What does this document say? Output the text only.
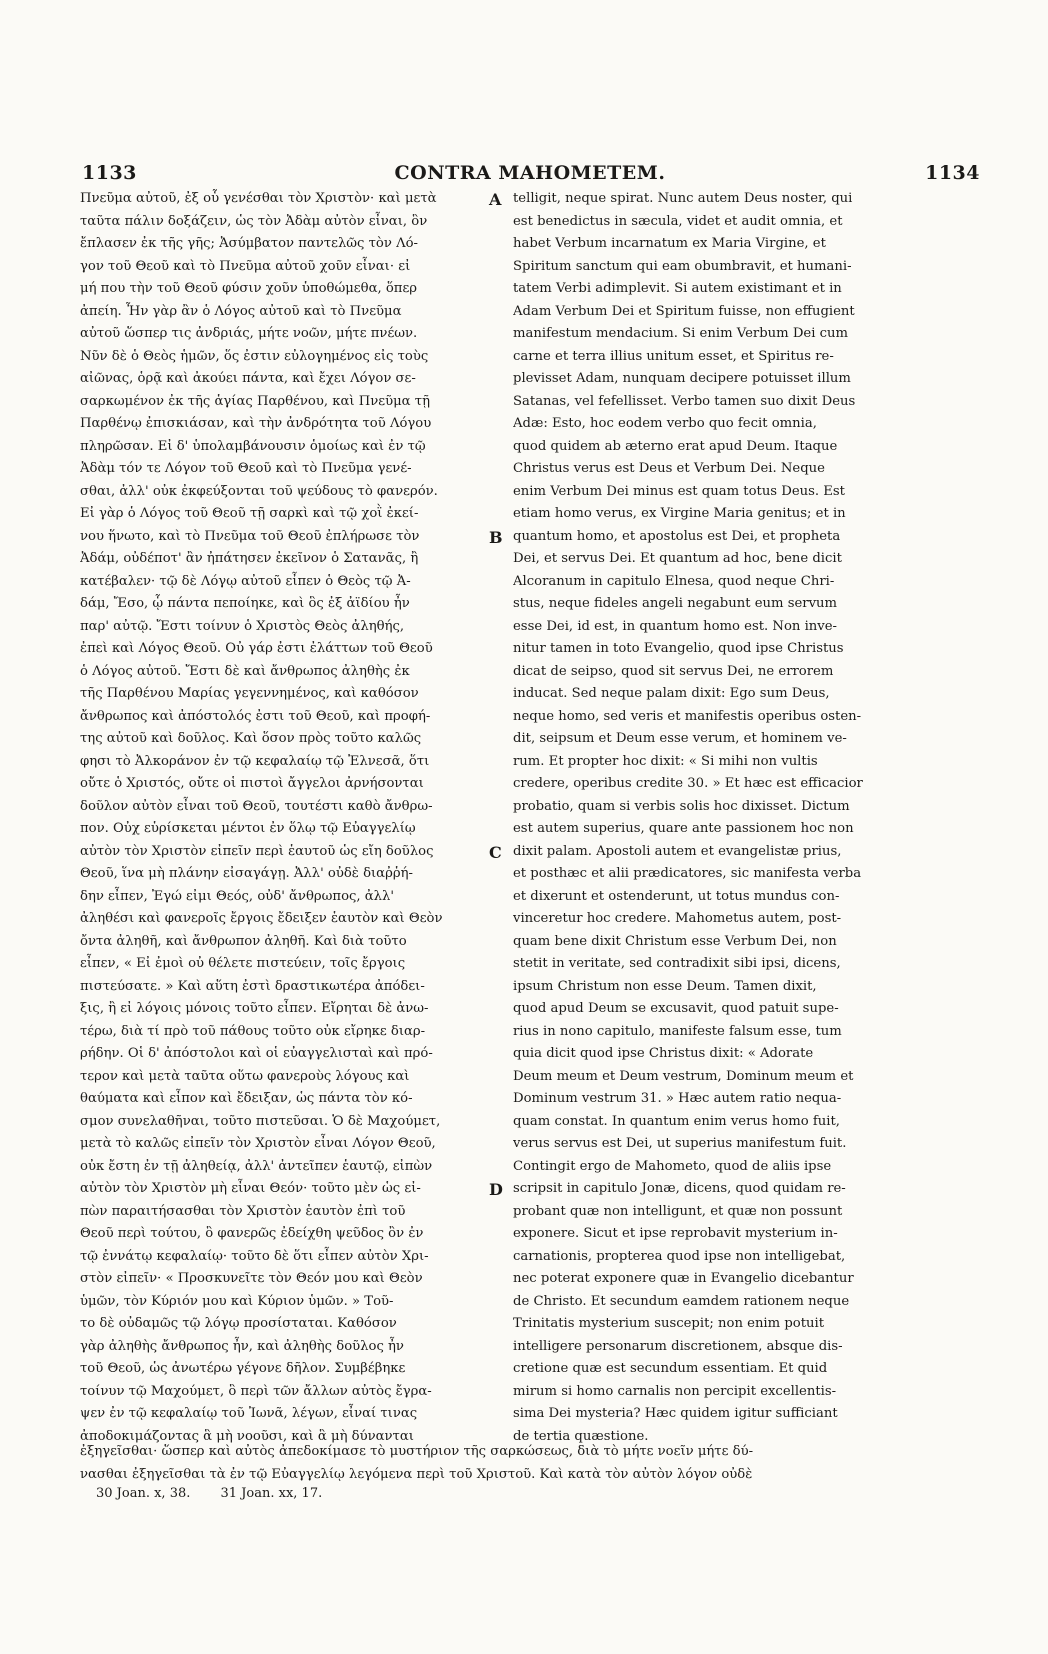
1133	CONTRA MAHOMETEM.	1134
Πνεῦμα αὐτοῦ, ἐξ οὗ γενέσθαι τὸν Χριστὸν· καὶ μετὰ
ταῦτα πάλιν δοξάζειν, ὡς τὸν Ἀδὰμ αὐτὸν εἶναι, ὃν
ἔπλασεν ἐκ τῆς γῆς; Ἀσύμβατον παντελῶς τὸν Λό-
γον τοῦ Θεοῦ καὶ τὸ Πνεῦμα αὐτοῦ χοῦν εἶναι· εἰ
μή που τὴν τοῦ Θεοῦ φύσιν χοῦν ὑποθώμεθα, ὅπερ
ἀπείη. Ἦν γὰρ ἂν ὁ Λόγος αὐτοῦ καὶ τὸ Πνεῦμα
αὐτοῦ ὥσπερ τις ἀνδριάς, μήτε νοῶν, μήτε πνέων.
Νῦν δὲ ὁ Θεὸς ἡμῶν, ὅς ἐστιν εὐλογημένος εἰς τοὺς
αἰῶνας, ὁρᾷ καὶ ἀκούει πάντα, καὶ ἔχει Λόγον σε-
σαρκωμένον ἐκ τῆς ἁγίας Παρθένου, καὶ Πνεῦμα τῇ
Παρθένῳ ἐπισκιάσαν, καὶ τὴν ἀνδρότητα τοῦ Λόγου
πληρῶσαν. Εἰ δ' ὑπολαμβάνουσιν ὁμοίως καὶ ἐν τῷ
Ἀδὰμ τόν τε Λόγον τοῦ Θεοῦ καὶ τὸ Πνεῦμα γενέ-
σθαι, ἀλλ' οὐκ ἐκφεύξονται τοῦ ψεύδους τὸ φανερόν.
Εἰ γὰρ ὁ Λόγος τοῦ Θεοῦ τῇ σαρκὶ καὶ τῷ χοῒ ἐκεί-
νου ἥνωτο, καὶ τὸ Πνεῦμα τοῦ Θεοῦ ἐπλήρωσε τὸν
Ἀδάμ, οὐδέποτ' ἂν ἠπάτησεν ἐκεῖνον ὁ Σατανᾶς, ἢ
κατέβαλεν· τῷ δὲ Λόγῳ αὐτοῦ εἶπεν ὁ Θεὸς τῷ Ἀ-
δάμ, Ἔσο, ᾧ πάντα πεποίηκε, καὶ ὃς ἐξ ἀϊδίου ἦν
παρ' αὐτῷ. Ἔστι τοίνυν ὁ Χριστὸς Θεὸς ἀληθής,
ἐπεὶ καὶ Λόγος Θεοῦ. Οὐ γάρ ἐστι ἐλάττων τοῦ Θεοῦ
ὁ Λόγος αὐτοῦ. Ἔστι δὲ καὶ ἄνθρωπος ἀληθὴς ἐκ
τῆς Παρθένου Μαρίας γεγεννημένος, καὶ καθόσον
ἄνθρωπος καὶ ἀπόστολός ἐστι τοῦ Θεοῦ, καὶ προφή-
της αὐτοῦ καὶ δοῦλος. Καὶ ὅσον πρὸς τοῦτο καλῶς
φησι τὸ Ἀλκοράνον ἐν τῷ κεφαλαίῳ τῷ Ἐλνεσᾶ, ὅτι
οὔτε ὁ Χριστός, οὔτε οἱ πιστοὶ ἄγγελοι ἀρνήσονται
δοῦλον αὐτὸν εἶναι τοῦ Θεοῦ, τουτέστι καθὸ ἄνθρω-
πον. Οὐχ εὑρίσκεται μέντοι ἐν ὅλῳ τῷ Εὐαγγελίῳ
αὐτὸν τὸν Χριστὸν εἰπεῖν περὶ ἑαυτοῦ ὡς εἴη δοῦλος
Θεοῦ, ἵνα μὴ πλάνην εἰσαγάγῃ. Ἀλλ' οὐδὲ διαῤῥή-
δην εἶπεν, Ἐγώ εἰμι Θεός, οὐδ' ἄνθρωπος, ἀλλ'
ἀληθέσι καὶ φανεροῖς ἔργοις ἔδειξεν ἑαυτὸν καὶ Θεὸν
ὄντα ἀληθῆ, καὶ ἄνθρωπον ἀληθῆ. Καὶ διὰ τοῦτο
εἶπεν, « Εἰ ἐμοὶ οὐ θέλετε πιστεύειν, τοῖς ἔργοις
πιστεύσατε. » Καὶ αὕτη ἐστὶ δραστικωτέρα ἀπόδει-
ξις, ἢ εἰ λόγοις μόνοις τοῦτο εἶπεν. Εἴρηται δὲ ἀνω-
τέρω, διὰ τί πρὸ τοῦ πάθους τοῦτο οὐκ εἴρηκε διαρ-
ρήδην. Οἱ δ' ἀπόστολοι καὶ οἱ εὐαγγελισταὶ καὶ πρό-
τερον καὶ μετὰ ταῦτα οὕτω φανεροὺς λόγους καὶ
θαύματα καὶ εἶπον καὶ ἔδειξαν, ὡς πάντα τὸν κό-
σμον συνελαθῆναι, τοῦτο πιστεῦσαι. Ὁ δὲ Μαχούμετ,
μετὰ τὸ καλῶς εἰπεῖν τὸν Χριστὸν εἶναι Λόγον Θεοῦ,
οὐκ ἔστη ἐν τῇ ἀληθείᾳ, ἀλλ' ἀντεῖπεν ἑαυτῷ, εἰπὼν
αὐτὸν τὸν Χριστὸν μὴ εἶναι Θεόν· τοῦτο μὲν ὡς εἰ-
πὼν παραιτήσασθαι τὸν Χριστὸν ἑαυτὸν ἐπὶ τοῦ
Θεοῦ περὶ τούτου, ὃ φανερῶς ἐδείχθη ψεῦδος ὂν ἐν
τῷ ἐννάτῳ κεφαλαίῳ· τοῦτο δὲ ὅτι εἶπεν αὐτὸν Χρι-
στὸν εἰπεῖν· « Προσκυνεῖτε τὸν Θεόν μου καὶ Θεὸν
ὑμῶν, τὸν Κύριόν μου καὶ Κύριον ὑμῶν. » Τοῦ-
το δὲ οὐδαμῶς τῷ λόγῳ προσίσταται. Καθόσον
γὰρ ἀληθὴς ἄνθρωπος ἦν, καὶ ἀληθὴς δοῦλος ἦν
τοῦ Θεοῦ, ὡς ἀνωτέρω γέγονε δῆλον. Συμβέβηκε
τοίνυν τῷ Μαχούμετ, ὃ περὶ τῶν ἄλλων αὐτὸς ἔγρα-
ψεν ἐν τῷ κεφαλαίῳ τοῦ Ἰωνᾶ, λέγων, εἶναί τινας
ἀποδοκιμάζοντας ἃ μὴ νοοῦσι, καὶ ἃ μὴ δύνανται
telligit, neque spirat. Nunc autem Deus noster, qui
est benedictus in sæcula, videt et audit omnia, et
habet Verbum incarnatum ex Maria Virgine, et
Spiritum sanctum qui eam obumbravit, et humani-
tatem Verbi adimplevit. Si autem existimant et in
Adam Verbum Dei et Spiritum fuisse, non effugient
manifestum mendacium. Si enim Verbum Dei cum
carne et terra illius unitum esset, et Spiritus re-
plevisset Adam, nunquam decipere potuisset illum
Satanas, vel fefellisset. Verbo tamen suo dixit Deus
Adæ: Esto, hoc eodem verbo quo fecit omnia,
quod quidem ab æterno erat apud Deum. Itaque
Christus verus est Deus et Verbum Dei. Neque
enim Verbum Dei minus est quam totus Deus. Est
etiam homo verus, ex Virgine Maria genitus; et in
quantum homo, et apostolus est Dei, et propheta
Dei, et servus Dei. Et quantum ad hoc, bene dicit
Alcoranum in capitulo Elnesa, quod neque Chri-
stus, neque fideles angeli negabunt eum servum
esse Dei, id est, in quantum homo est. Non inve-
nitur tamen in toto Evangelio, quod ipse Christus
dicat de seipso, quod sit servus Dei, ne errorem
inducat. Sed neque palam dixit: Ego sum Deus,
neque homo, sed veris et manifestis operibus osten-
dit, seipsum et Deum esse verum, et hominem ve-
rum. Et propter hoc dixit: « Si mihi non vultis
credere, operibus credite 30. » Et hæc est efficacior
probatio, quam si verbis solis hoc dixisset. Dictum
est autem superius, quare ante passionem hoc non
dixit palam. Apostoli autem et evangelistæ prius,
et posthæc et alii prædicatores, sic manifesta verba
et dixerunt et ostenderunt, ut totus mundus con-
vinceretur hoc credere. Mahometus autem, post-
quam bene dixit Christum esse Verbum Dei, non
stetit in veritate, sed contradixit sibi ipsi, dicens,
ipsum Christum non esse Deum. Tamen dixit,
quod apud Deum se excusavit, quod patuit supe-
rius in nono capitulo, manifeste falsum esse, tum
quia dicit quod ipse Christus dixit: « Adorate
Deum meum et Deum vestrum, Dominum meum et
Dominum vestrum 31. » Hæc autem ratio nequa-
quam constat. In quantum enim verus homo fuit,
verus servus est Dei, ut superius manifestum fuit.
Contingit ergo de Mahometo, quod de aliis ipse
scripsit in capitulo Jonæ, dicens, quod quidam re-
probant quæ non intelligunt, et quæ non possunt
exponere. Sicut et ipse reprobavit mysterium in-
carnationis, propterea quod ipse non intelligebat,
nec poterat exponere quæ in Evangelio dicebantur
de Christo. Et secundum eamdem rationem neque
Trinitatis mysterium suscepit; non enim potuit
intelligere personarum discretionem, absque dis-
cretione quæ est secundum essentiam. Et quid
mirum si homo carnalis non percipit excellentis-
sima Dei mysteria? Hæc quidem igitur sufficiant
de tertia quæstione.
A
B
C
D
ἐξηγεῖσθαι· ὥσπερ καὶ αὐτὸς ἀπεδοκίμασε τὸ μυστήριον τῆς σαρκώσεως, διὰ τὸ μήτε νοεῖν μήτε δύ-
νασθαι ἐξηγεῖσθαι τὰ ἐν τῷ Εὐαγγελίῳ λεγόμενα περὶ τοῦ Χριστοῦ. Καὶ κατὰ τὸν αὐτὸν λόγον οὐδὲ
30 Joan. x, 38. 31 Joan. xx, 17.
